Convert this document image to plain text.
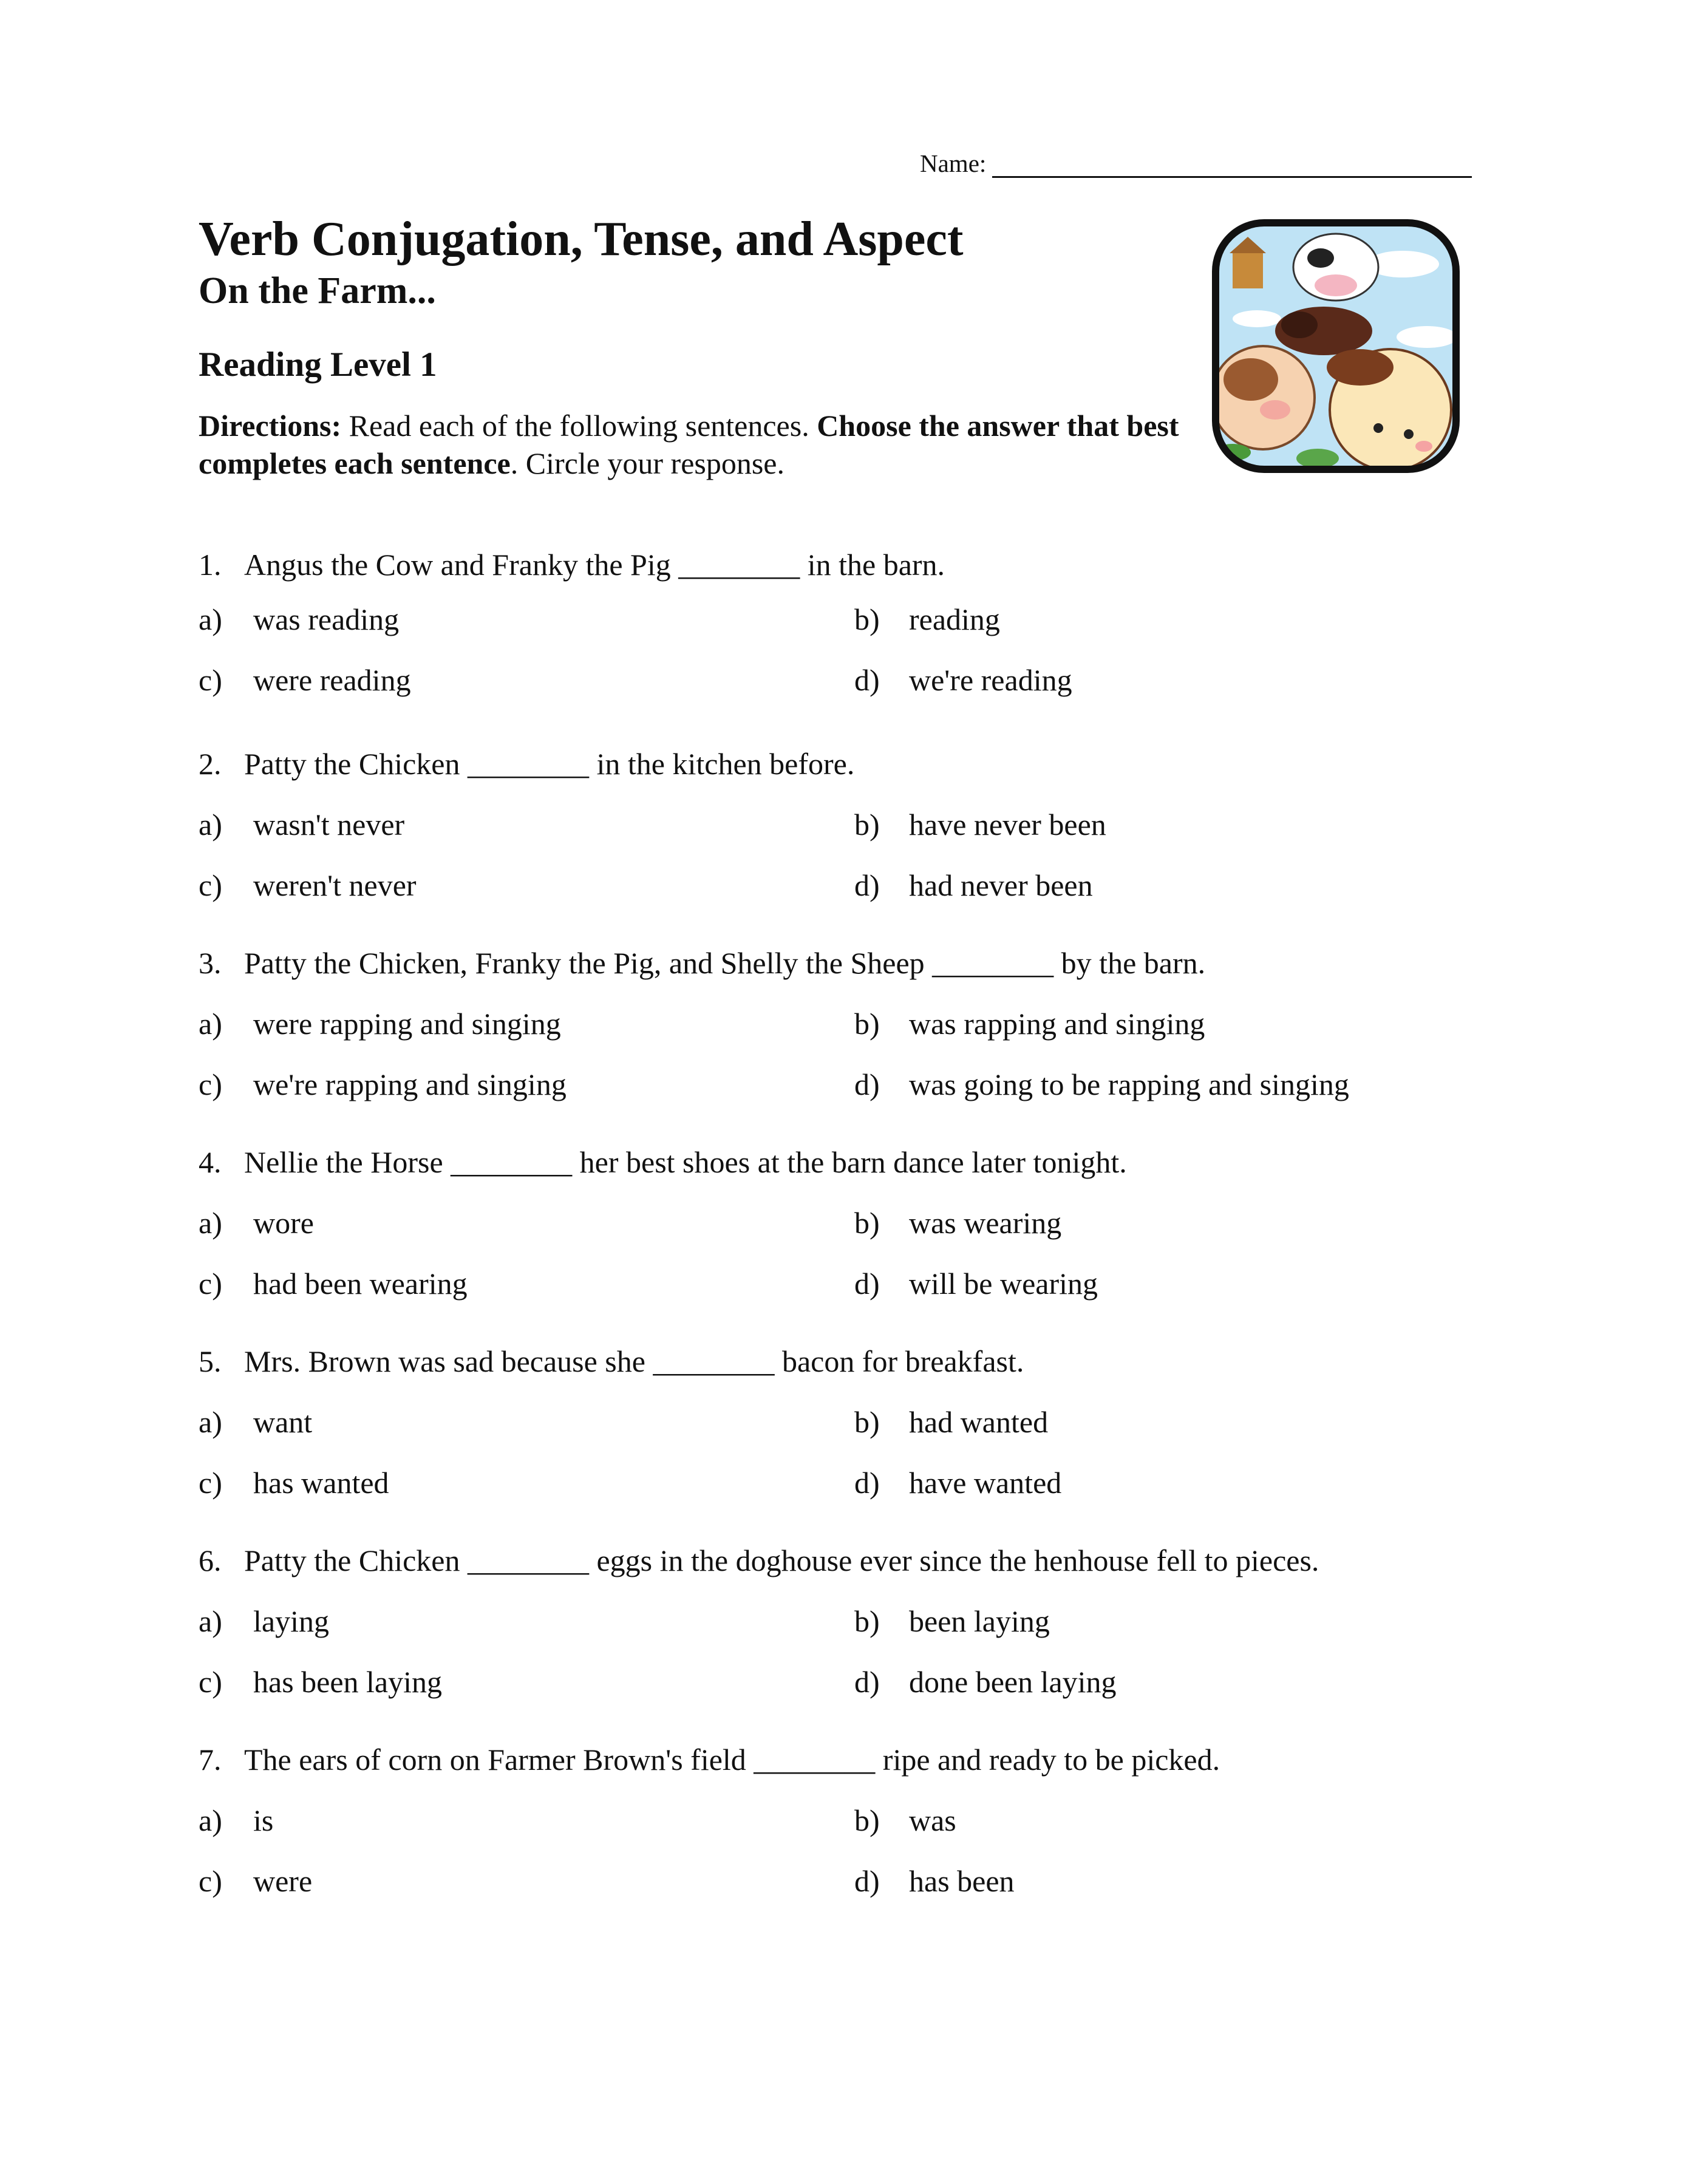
Name:
Verb Conjugation, Tense, and Aspect
On the Farm...
Reading Level 1

Directions: Read each of the following sentences. Choose the answer that best completes each sentence. Circle your response.

1. Angus the Cow and Franky the Pig ________ in the barn.
a)	was reading	b) reading
c)	were reading	d) we're reading
2. Patty the Chicken ________ in the kitchen before.
a)	wasn't never	b) have never been
c)	weren't never	d) had never been
3. Patty the Chicken, Franky the Pig, and Shelly the Sheep ________ by the barn.
a)	were rapping and singing	b) was rapping and singing
c)	we're rapping and singing	d) was going to be rapping and singing
4. Nellie the Horse ________ her best shoes at the barn dance later tonight.
a)	wore	b) was wearing
c)	had been wearing	d) will be wearing
5. Mrs. Brown was sad because she ________ bacon for breakfast.
a)	want	b) had wanted
c)	has wanted	d) have wanted
6. Patty the Chicken ________ eggs in the doghouse ever since the henhouse fell to pieces.
a)	laying	b) been laying
c)	has been laying	d) done been laying
7. The ears of corn on Farmer Brown's field ________ ripe and ready to be picked.
a)	is	b) was
c)	were	d) has been
